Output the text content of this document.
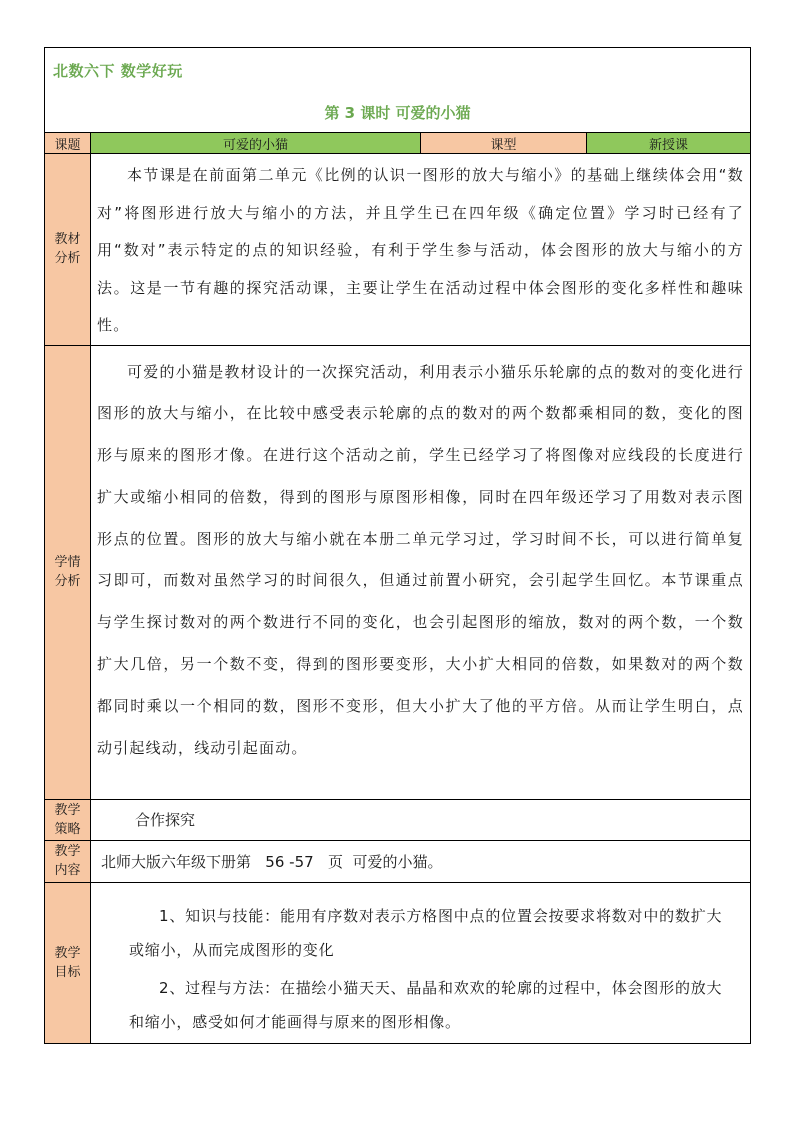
北数六下 数学好玩
第 3 课时 可爱的小猫			

课题	可爱的小猫	课型	新授课
教材分析	本节课是在前面第二单元《比例的认识一图形的放大与缩小》的基础上继续体会用“数对”将图形进行放大与缩小的方法，并且学生已在四年级《确定位置》学习时已经有了用“数对”表示特定的点的知识经验，有利于学生参与活动，体会图形的放大与缩小的方法。这是一节有趣的探究活动课，主要让学生在活动过程中体会图形的变化多样性和趣味性。		

学情分析	可爱的小猫是教材设计的一次探究活动，利用表示小猫乐乐轮廓的点的数对的变化进行图形的放大与缩小，在比较中感受表示轮廓的点的数对的两个数都乘相同的数，变化的图形与原来的图形才像。在进行这个活动之前，学生已经学习了将图像对应线段的长度进行扩大或缩小相同的倍数，得到的图形与原图形相像，同时在四年级还学习了用数对表示图形点的位置。图形的放大与缩小就在本册二单元学习过，学习时间不长，可以进行简单复习即可，而数对虽然学习的时间很久，但通过前置小研究，会引起学生回忆。本节课重点与学生探讨数对的两个数进行不同的变化，也会引起图形的缩放，数对的两个数，一个数扩大几倍，另一个数不变，得到的图形要变形，大小扩大相同的倍数，如果数对的两个数都同时乘以一个相同的数，图形不变形，但大小扩大了他的平方倍。从而让学生明白，点动引起线动，线动引起面动。		

教学策略	合作探究		
教学内容	北师大版六年级下册第   56 -57   页  可爱的小猫。		
教学目标	1、知识与技能：能用有序数对表示方格图中点的位置会按要求将数对中的数扩大或缩小，从而完成图形的变化

2、过程与方法：在描绘小猫天天、晶晶和欢欢的轮廓的过程中，体会图形的放大和缩小，感受如何才能画得与原来的图形相像。		
